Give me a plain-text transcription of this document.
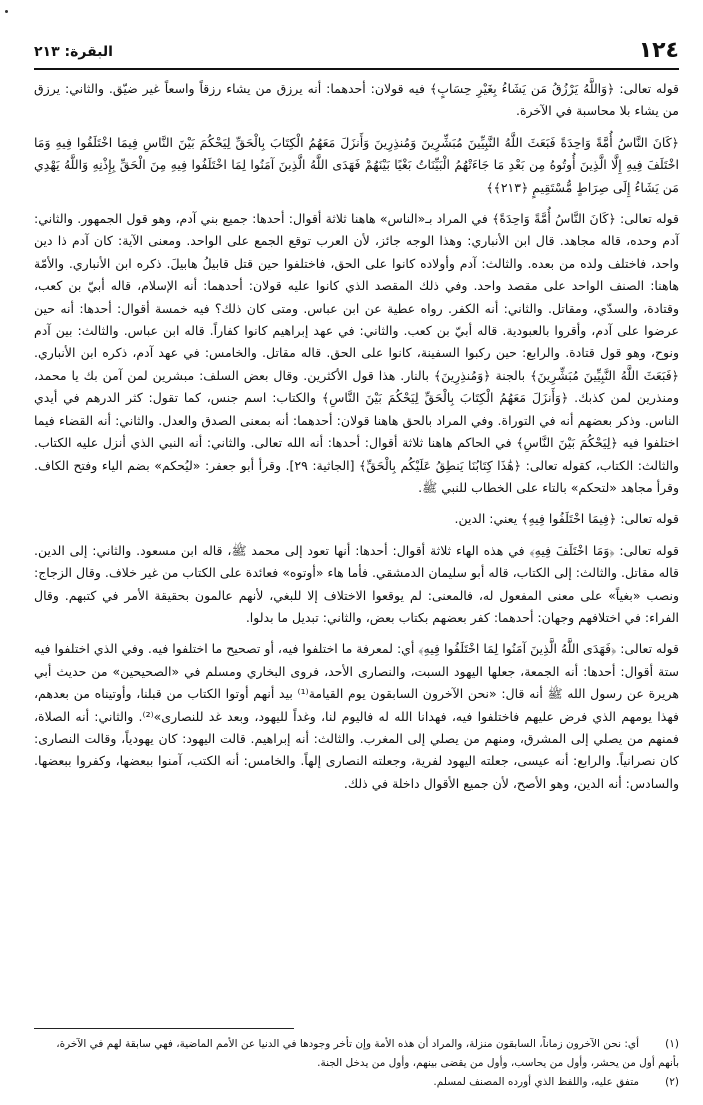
١٢٤
البقرة: ٢١٣

قوله تعالى: ﴿وَاللَّهُ يَرْزُقُ مَن يَشَاءُ بِغَيْرِ حِسَابٍ﴾ فيه قولان: أحدهما: أنه يرزق من يشاء رزقاً واسعاً غير ضيّق. والثاني: يرزق من يشاء بلا محاسبة في الآخرة.

﴿كَانَ النَّاسُ أُمَّةً وَاحِدَةً فَبَعَثَ اللَّهُ النَّبِيِّينَ مُبَشِّرِينَ وَمُنذِرِينَ وَأَنزَلَ مَعَهُمُ الْكِتَابَ بِالْحَقِّ لِيَحْكُمَ بَيْنَ النَّاسِ فِيمَا اخْتَلَفُوا فِيهِ وَمَا اخْتَلَفَ فِيهِ إِلَّا الَّذِينَ أُوتُوهُ مِن بَعْدِ مَا جَاءَتْهُمُ الْبَيِّنَاتُ بَغْيًا بَيْنَهُمْ فَهَدَى اللَّهُ الَّذِينَ آمَنُوا لِمَا اخْتَلَفُوا فِيهِ مِنَ الْحَقِّ بِإِذْنِهِ وَاللَّهُ يَهْدِي مَن يَشَاءُ إِلَى صِرَاطٍ مُّسْتَقِيمٍ ﴿٢١٣﴾﴾

قوله تعالى: ﴿كَانَ النَّاسُ أُمَّةً وَاحِدَةً﴾ في المراد بـ«الناس» هاهنا ثلاثة أقوال: أحدها: جميع بني آدم، وهو قول الجمهور. والثاني: آدم وحده، قاله مجاهد. قال ابن الأنباري: وهذا الوجه جائز، لأن العرب توقع الجمع على الواحد. ومعنى الآية: كان آدم ذا دين واحد، فاختلف ولده من بعده. والثالث: آدم وأولاده كانوا على الحق، فاختلفوا حين قتل قابيلُ هابيلَ. ذكره ابن الأنباري. والأمّة هاهنا: الصنف الواحد على مقصد واحد. وفي ذلك المقصد الذي كانوا عليه قولان: أحدهما: أنه الإسلام، قاله أبيّ بن كعب، وقتادة، والسدّي، ومقاتل. والثاني: أنه الكفر. رواه عطية عن ابن عباس. ومتى كان ذلك؟ فيه خمسة أقوال: أحدها: أنه حين عرضوا على آدم، وأقروا بالعبودية. قاله أبيّ بن كعب. والثاني: في عهد إبراهيم كانوا كفاراً. قاله ابن عباس. والثالث: بين آدم ونوح، وهو قول قتادة. والرابع: حين ركبوا السفينة، كانوا على الحق. قاله مقاتل. والخامس: في عهد آدم، ذكره ابن الأنباري. ﴿فَبَعَثَ اللَّهُ النَّبِيِّينَ مُبَشِّرِينَ﴾ بالجنة ﴿وَمُنذِرِينَ﴾ بالنار. هذا قول الأكثرين. وقال بعض السلف: مبشرين لمن آمن بك يا محمد، ومنذرين لمن كذبك. ﴿وَأَنزَلَ مَعَهُمُ الْكِتَابَ بِالْحَقِّ لِيَحْكُمَ بَيْنَ النَّاسِ﴾ والكتاب: اسم جنس، كما تقول: كثر الدرهم في أيدي الناس. وذكر بعضهم أنه في التوراة. وفي المراد بالحق هاهنا قولان: أحدهما: أنه بمعنى الصدق والعدل. والثاني: أنه القضاء فيما اختلفوا فيه ﴿لِيَحْكُمَ بَيْنَ النَّاسِ﴾ في الحاكم هاهنا ثلاثة أقوال: أحدها: أنه الله تعالى. والثاني: أنه النبي الذي أنزل عليه الكتاب. والثالث: الكتاب، كقوله تعالى: ﴿هَٰذَا كِتَابُنَا يَنطِقُ عَلَيْكُم بِالْحَقِّ﴾ [الجاثية: ٢٩]. وقرأ أبو جعفر: «ليُحكم» بضم الياء وفتح الكاف. وقرأ مجاهد «لتحكم» بالتاء على الخطاب للنبي ﷺ.

قوله تعالى: ﴿فِيمَا اخْتَلَفُوا فِيهِ﴾ يعني: الدين.

قوله تعالى: ﴿وَمَا اخْتَلَفَ فِيهِ﴾ في هذه الهاء ثلاثة أقوال: أحدها: أنها تعود إلى محمد ﷺ، قاله ابن مسعود. والثاني: إلى الدين. قاله مقاتل. والثالث: إلى الكتاب، قاله أبو سليمان الدمشقي. فأما هاء «أوتوه» فعائدة على الكتاب من غير خلاف. وقال الزجاج: ونصب «بغياً» على معنى المفعول له، فالمعنى: لم يوقعوا الاختلاف إلا للبغي، لأنهم عالمون بحقيقة الأمر في كتبهم. وقال الفراء: في اختلافهم وجهان: أحدهما: كفر بعضهم بكتاب بعض، والثاني: تبديل ما بدلوا.

قوله تعالى: ﴿فَهَدَى اللَّهُ الَّذِينَ آمَنُوا لِمَا اخْتَلَفُوا فِيهِ﴾ أي: لمعرفة ما اختلفوا فيه، أو تصحيح ما اختلفوا فيه. وفي الذي اختلفوا فيه ستة أقوال: أحدها: أنه الجمعة، جعلها اليهود السبت، والنصارى الأحد، فروى البخاري ومسلم في «الصحيحين» من حديث أبي هريرة عن رسول الله ﷺ أنه قال: «نحن الآخرون السابقون يوم القيامة⁽¹⁾ بيد أنهم أوتوا الكتاب من قبلنا، وأوتيناه من بعدهم، فهذا يومهم الذي فرض عليهم فاختلفوا فيه، فهدانا الله له فاليوم لنا، وغداً لليهود، وبعد غد للنصارى»⁽²⁾. والثاني: أنه الصلاة، فمنهم من يصلي إلى المشرق، ومنهم من يصلي إلى المغرب. والثالث: أنه إبراهيم. قالت اليهود: كان يهودياً، وقالت النصارى: كان نصرانياً. والرابع: أنه عيسى، جعلته اليهود لفرية، وجعلته النصارى إلهاً. والخامس: أنه الكتب، آمنوا ببعضها، وكفروا ببعضها. والسادس: أنه الدين، وهو الأصح، لأن جميع الأقوال داخلة في ذلك.

(١)أي: نحن الآخرون زماناً، السابقون منزلة، والمراد أن هذه الأمة وإن تأخر وجودها في الدنيا عن الأمم الماضية، فهي سابقة لهم في الآخرة، بأنهم أول من يحشر، وأول من يحاسب، وأول من يقضى بينهم، وأول من يدخل الجنة.

(٢)متفق عليه، واللفظ الذي أورده المصنف لمسلم.
